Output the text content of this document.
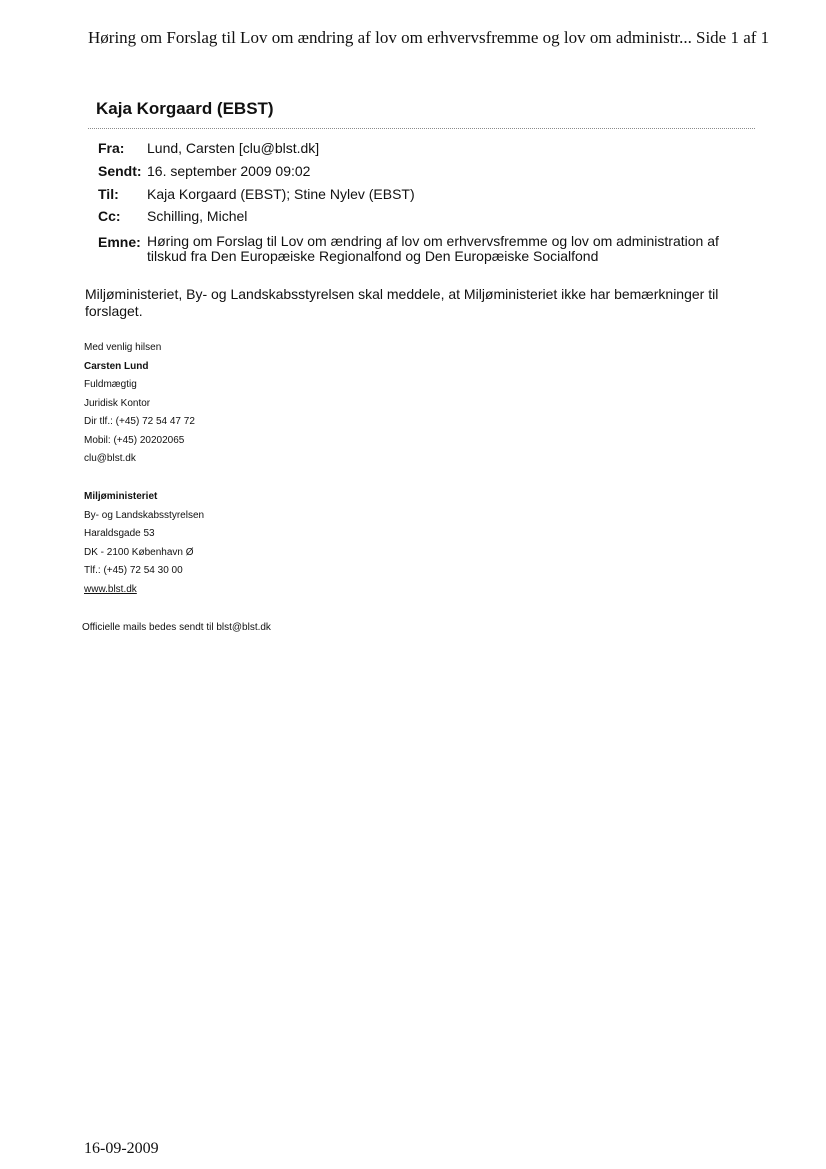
Høring om Forslag til Lov om ændring af lov om erhvervsfremme og lov om administr... Side 1 af 1
Kaja Korgaard (EBST)
Fra: Lund, Carsten [clu@blst.dk]
Sendt: 16. september 2009 09:02
Til: Kaja Korgaard (EBST); Stine Nylev (EBST)
Cc: Schilling, Michel
Emne: Høring om Forslag til Lov om ændring af lov om erhvervsfremme og lov om administration af tilskud fra Den Europæiske Regionalfond og Den Europæiske Socialfond
Miljøministeriet, By- og Landskabsstyrelsen skal meddele, at Miljøministeriet ikke har bemærkninger til forslaget.
Med venlig hilsen
Carsten Lund
Fuldmægtig
Juridisk Kontor
Dir tlf.: (+45) 72 54 47 72
Mobil: (+45) 20202065
clu@blst.dk
Miljøministeriet
By- og Landskabsstyrelsen
Haraldsgade 53
DK - 2100 København Ø
Tlf.: (+45) 72 54 30 00
www.blst.dk
Officielle mails bedes sendt til blst@blst.dk
16-09-2009
